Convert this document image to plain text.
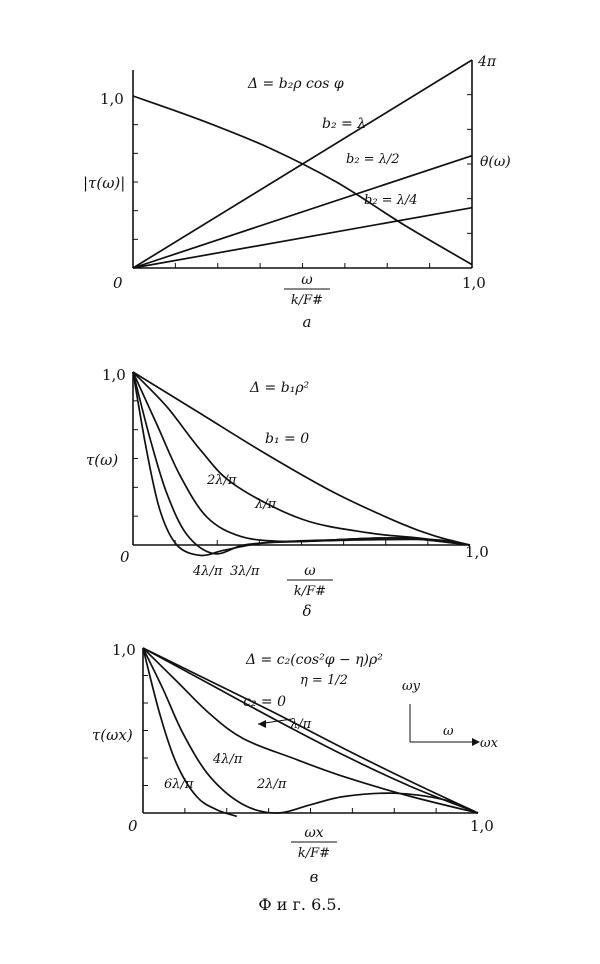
1,0
|τ(ω)|
θ(ω)
4π
0	1,0
Δ = b₂ρ cos φ
ω
k/F#
b₂ = λ
b₂ = λ/2
b₂ = λ/4
а
1,0
τ(ω)
0	1,0
Δ = b₁ρ²
ω
k/F#
b₁ = 0
λ/π
2λ/π
3λ/π
4λ/π
δ
1,0
τ(ωx)
0	1,0
Δ = c₂(cos²φ − η)ρ²
η = 1/2
ωx
k/F#
ωy
ω
ωx
c₂ = 0
λ/π
2λ/π
4λ/π
6λ/π
в
Ф и г. 6.5.
